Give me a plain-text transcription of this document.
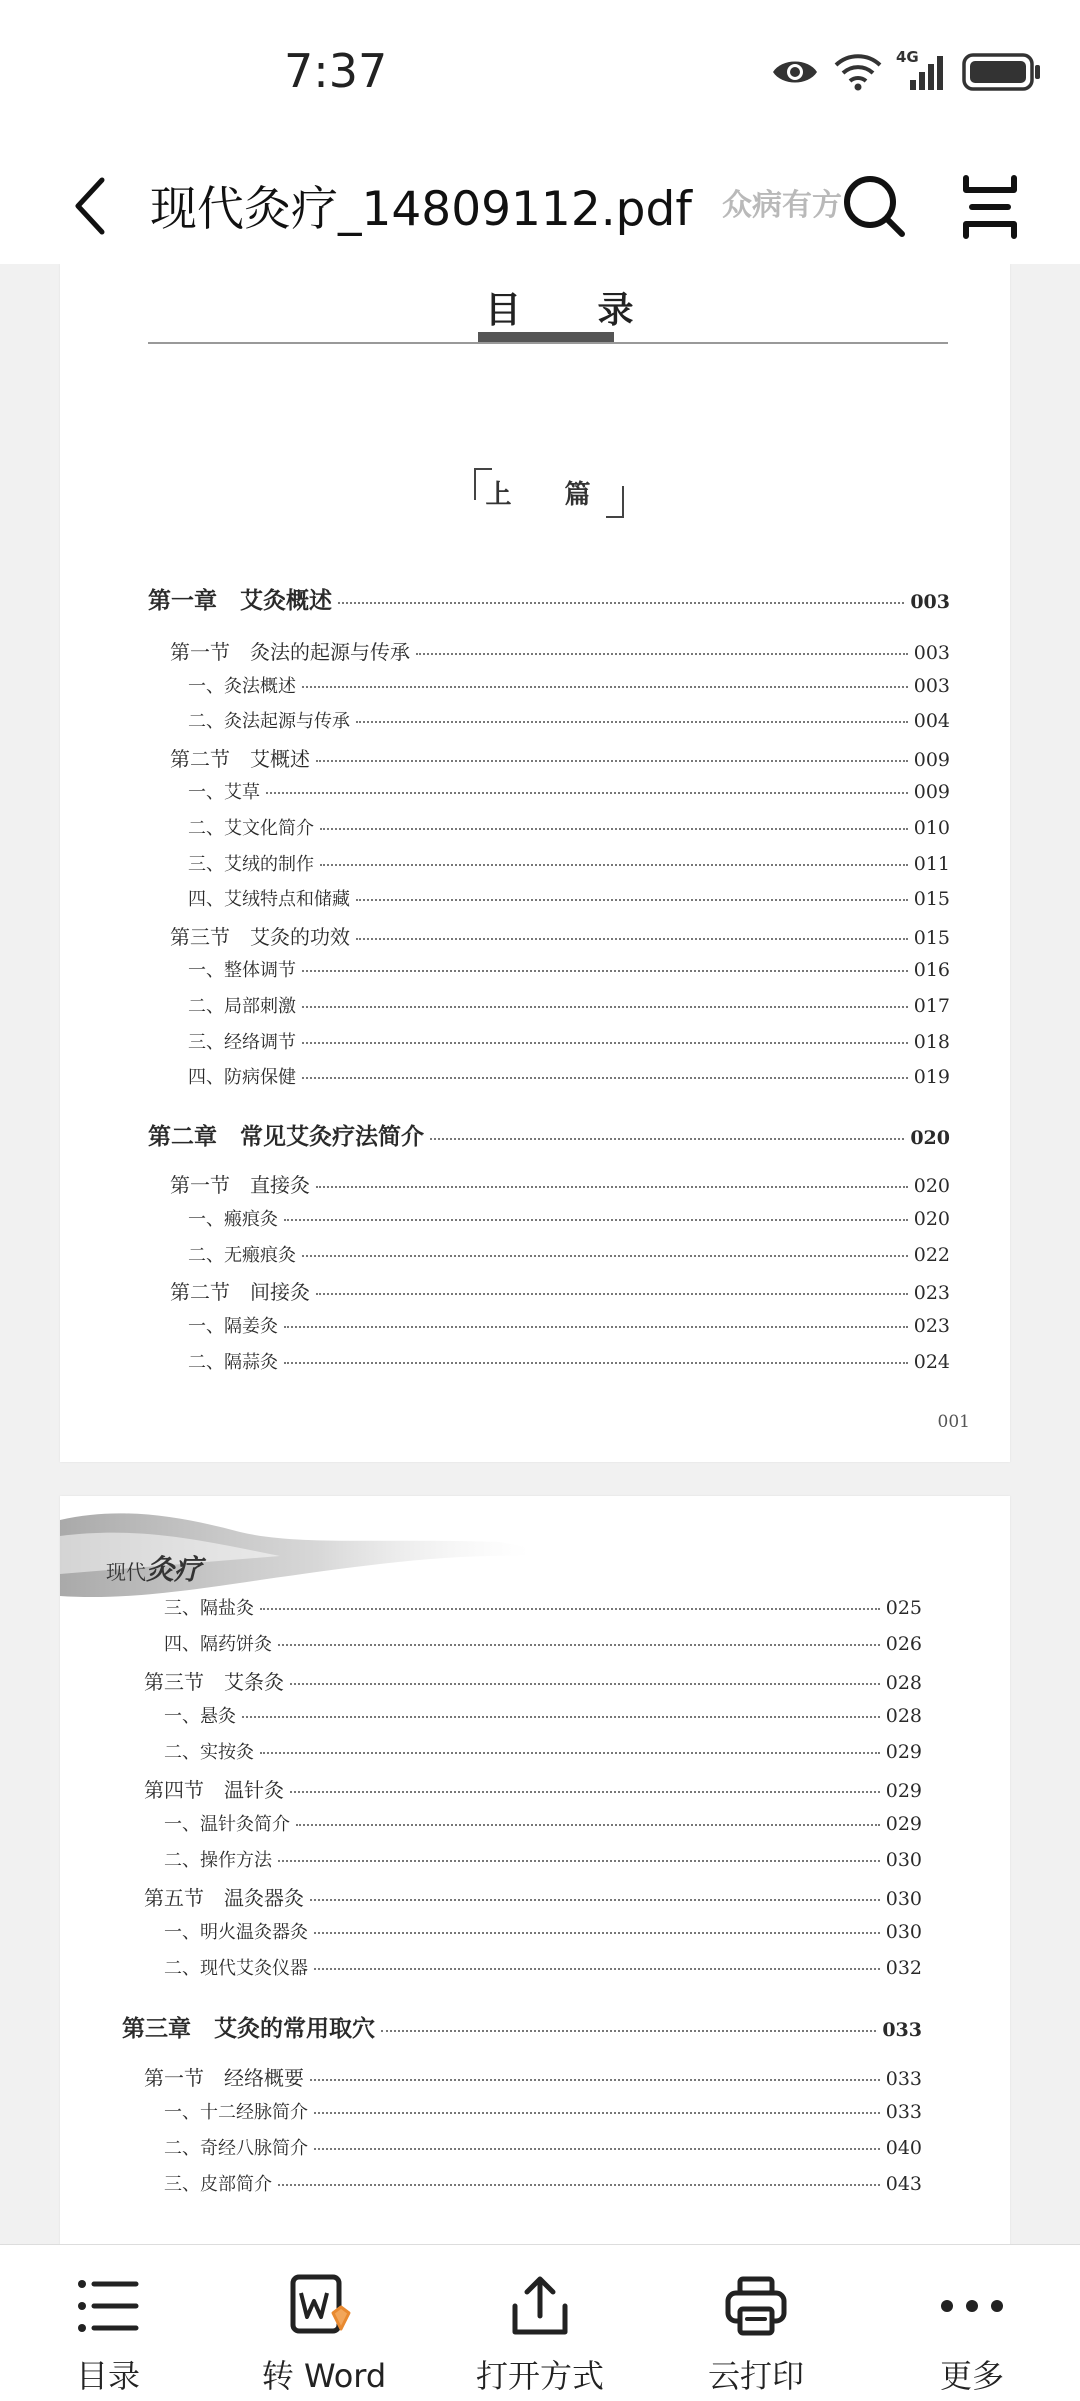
7:37	4G
现代灸疗_14809112.pdf 众病有方
目 录
上 篇
第一章　艾灸概述	003
第一节　灸法的起源与传承	003
一、灸法概述	003
二、灸法起源与传承	004
第二节　艾概述	009
一、艾草	009
二、艾文化简介	010
三、艾绒的制作	011
四、艾绒特点和储藏	015
第三节　艾灸的功效	015
一、整体调节	016
二、局部刺激	017
三、经络调节	018
四、防病保健	019
第二章　常见艾灸疗法简介	020
第一节　直接灸	020
一、瘢痕灸	020
二、无瘢痕灸	022
第二节　间接灸	023
一、隔姜灸	023
二、隔蒜灸	024
001
现代灸疗
三、隔盐灸	025
四、隔药饼灸	026
第三节　艾条灸	028
一、悬灸	028
二、实按灸	029
第四节　温针灸	029
一、温针灸简介	029
二、操作方法	030
第五节　温灸器灸	030
一、明火温灸器灸	030
二、现代艾灸仪器	032
第三章　艾灸的常用取穴	033
第一节　经络概要	033
一、十二经脉简介	033
二、奇经八脉简介	040
三、皮部简介	043
目录	转 Word	打开方式	云打印	更多
